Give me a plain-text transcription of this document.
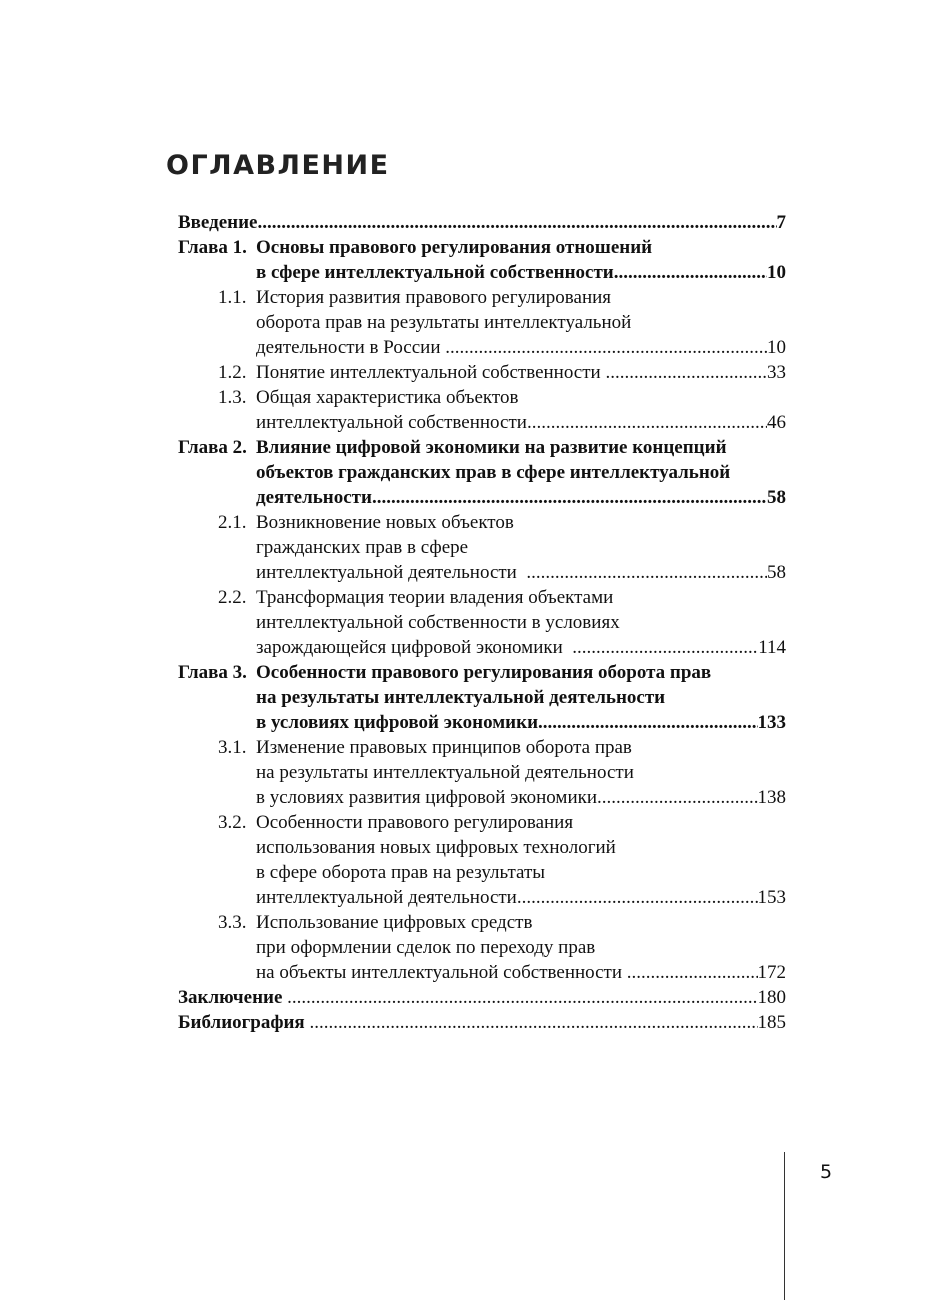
ОГЛАВЛЕНИЕ
Введение .....	7
Глава 1. Основы правового регулирования отношений
в сфере интеллектуальной собственности .....	10
1.1. История развития правового регулирования
оборота прав на результаты интеллектуальной
деятельности в России .....	10
1.2. Понятие интеллектуальной собственности .....	33
1.3. Общая характеристика объектов
интеллектуальной собственности .....	46
Глава 2. Влияние цифровой экономики на развитие концепций
объектов гражданских прав в сфере интеллектуальной
деятельности .....	58
2.1. Возникновение новых объектов
гражданских прав в сфере
интеллектуальной деятельности .....	58
2.2. Трансформация теории владения объектами
интеллектуальной собственности в условиях
зарождающейся цифровой экономики .....	114
Глава 3. Особенности правового регулирования оборота прав
на результаты интеллектуальной деятельности
в условиях цифровой экономики .....	133
3.1. Изменение правовых принципов оборота прав
на результаты интеллектуальной деятельности
в условиях развития цифровой экономики .....	138
3.2. Особенности правового регулирования
использования новых цифровых технологий
в сфере оборота прав на результаты
интеллектуальной деятельности .....	153
3.3. Использование цифровых средств
при оформлении сделок по переходу прав
на объекты интеллектуальной собственности .....	172
Заключение .....	180
Библиография .....	185
5
